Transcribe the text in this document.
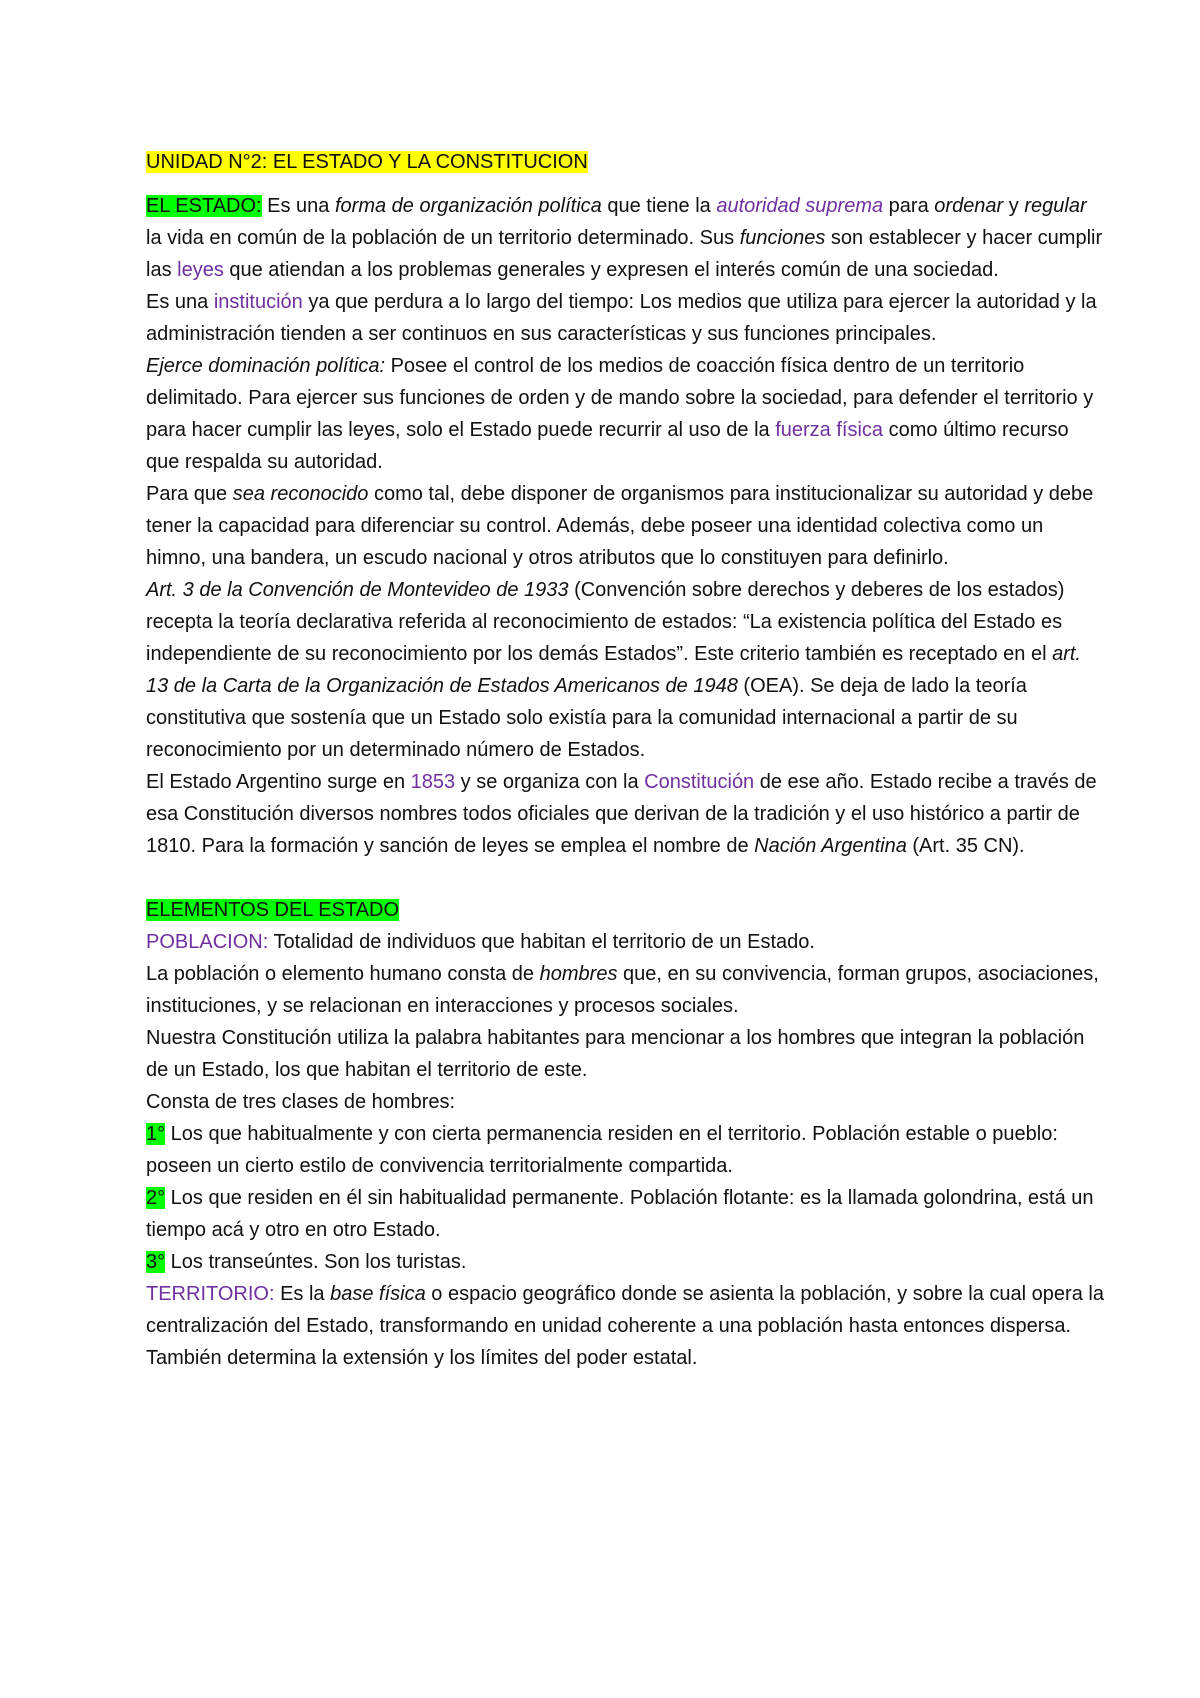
UNIDAD N°2: EL ESTADO Y LA CONSTITUCION

EL ESTADO: Es una forma de organización política que tiene la autoridad suprema para ordenar y regular la vida en común de la población de un territorio determinado. Sus funciones son establecer y hacer cumplir las leyes que atiendan a los problemas generales y expresen el interés común de una sociedad.

Es una institución ya que perdura a lo largo del tiempo: Los medios que utiliza para ejercer la autoridad y la administración tienden a ser continuos en sus características y sus funciones principales.

Ejerce dominación política: Posee el control de los medios de coacción física dentro de un territorio delimitado. Para ejercer sus funciones de orden y de mando sobre la sociedad, para defender el territorio y para hacer cumplir las leyes, solo el Estado puede recurrir al uso de la fuerza física como último recurso que respalda su autoridad.

Para que sea reconocido como tal, debe disponer de organismos para institucionalizar su autoridad y debe tener la capacidad para diferenciar su control. Además, debe poseer una identidad colectiva como un himno, una bandera, un escudo nacional y otros atributos que lo constituyen para definirlo.

Art. 3 de la Convención de Montevideo de 1933 (Convención sobre derechos y deberes de los estados) recepta la teoría declarativa referida al reconocimiento de estados: “La existencia política del Estado es independiente de su reconocimiento por los demás Estados”. Este criterio también es receptado en el art. 13 de la Carta de la Organización de Estados Americanos de 1948 (OEA). Se deja de lado la teoría constitutiva que sostenía que un Estado solo existía para la comunidad internacional a partir de su reconocimiento por un determinado número de Estados.

El Estado Argentino surge en 1853 y se organiza con la Constitución de ese año. Estado recibe a través de esa Constitución diversos nombres todos oficiales que derivan de la tradición y el uso histórico a partir de 1810. Para la formación y sanción de leyes se emplea el nombre de Nación Argentina (Art. 35 CN).

ELEMENTOS DEL ESTADO

POBLACION: Totalidad de individuos que habitan el territorio de un Estado.

La población o elemento humano consta de hombres que, en su convivencia, forman grupos, asociaciones, instituciones, y se relacionan en interacciones y procesos sociales.

Nuestra Constitución utiliza la palabra habitantes para mencionar a los hombres que integran la población de un Estado, los que habitan el territorio de este.

Consta de tres clases de hombres:

1° Los que habitualmente y con cierta permanencia residen en el territorio. Población estable o pueblo: poseen un cierto estilo de convivencia territorialmente compartida.

2° Los que residen en él sin habitualidad permanente. Población flotante: es la llamada golondrina, está un tiempo acá y otro en otro Estado.

3° Los transeúntes. Son los turistas.

TERRITORIO: Es la base física o espacio geográfico donde se asienta la población, y sobre la cual opera la centralización del Estado, transformando en unidad coherente a una población hasta entonces dispersa. También determina la extensión y los límites del poder estatal.
